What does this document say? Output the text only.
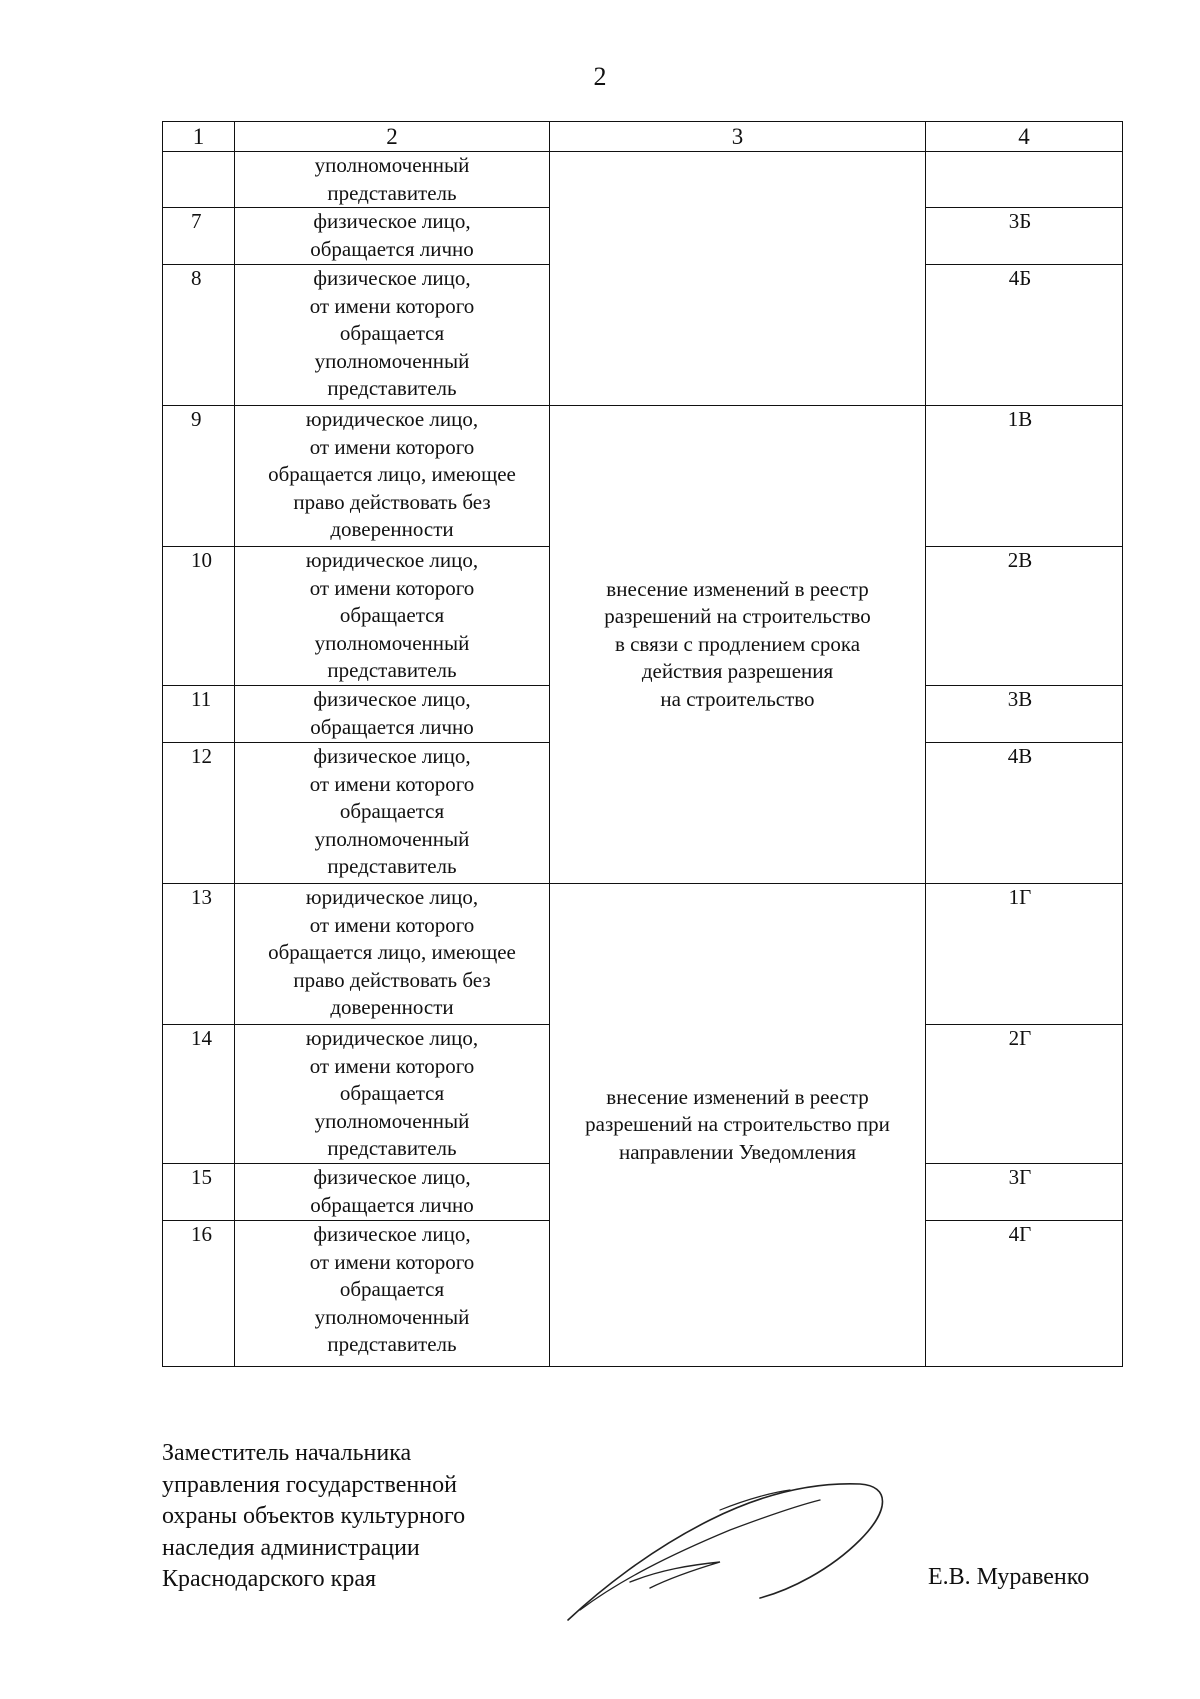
2
1	2	3	4

	уполномоченный
представитель		

7	физическое лицо,
обращается лично		3Б
8	физическое лицо,
от имени которого
обращается
уполномоченный
представитель		4Б
9	юридическое лицо,
от имени которого
обращается лицо, имеющее
право действовать без
доверенности	внесение изменений в реестр
разрешений на строительство
в связи с продлением срока
действия разрешения
на строительство	1В
10	юридическое лицо,
от имени которого
обращается
уполномоченный
представитель		2В
11	физическое лицо,
обращается лично		3В
12	физическое лицо,
от имени которого
обращается
уполномоченный
представитель		4В
13	юридическое лицо,
от имени которого
обращается лицо, имеющее
право действовать без
доверенности	внесение изменений в реестр
разрешений на строительство при
направлении Уведомления	1Г
14	юридическое лицо,
от имени которого
обращается
уполномоченный
представитель		2Г
15	физическое лицо,
обращается лично		3Г
16	физическое лицо,
от имени которого
обращается
уполномоченный
представитель		4Г
Заместитель начальника
управления государственной
охраны объектов культурного
наследия администрации
Краснодарского края	Е.В. Муравенко
